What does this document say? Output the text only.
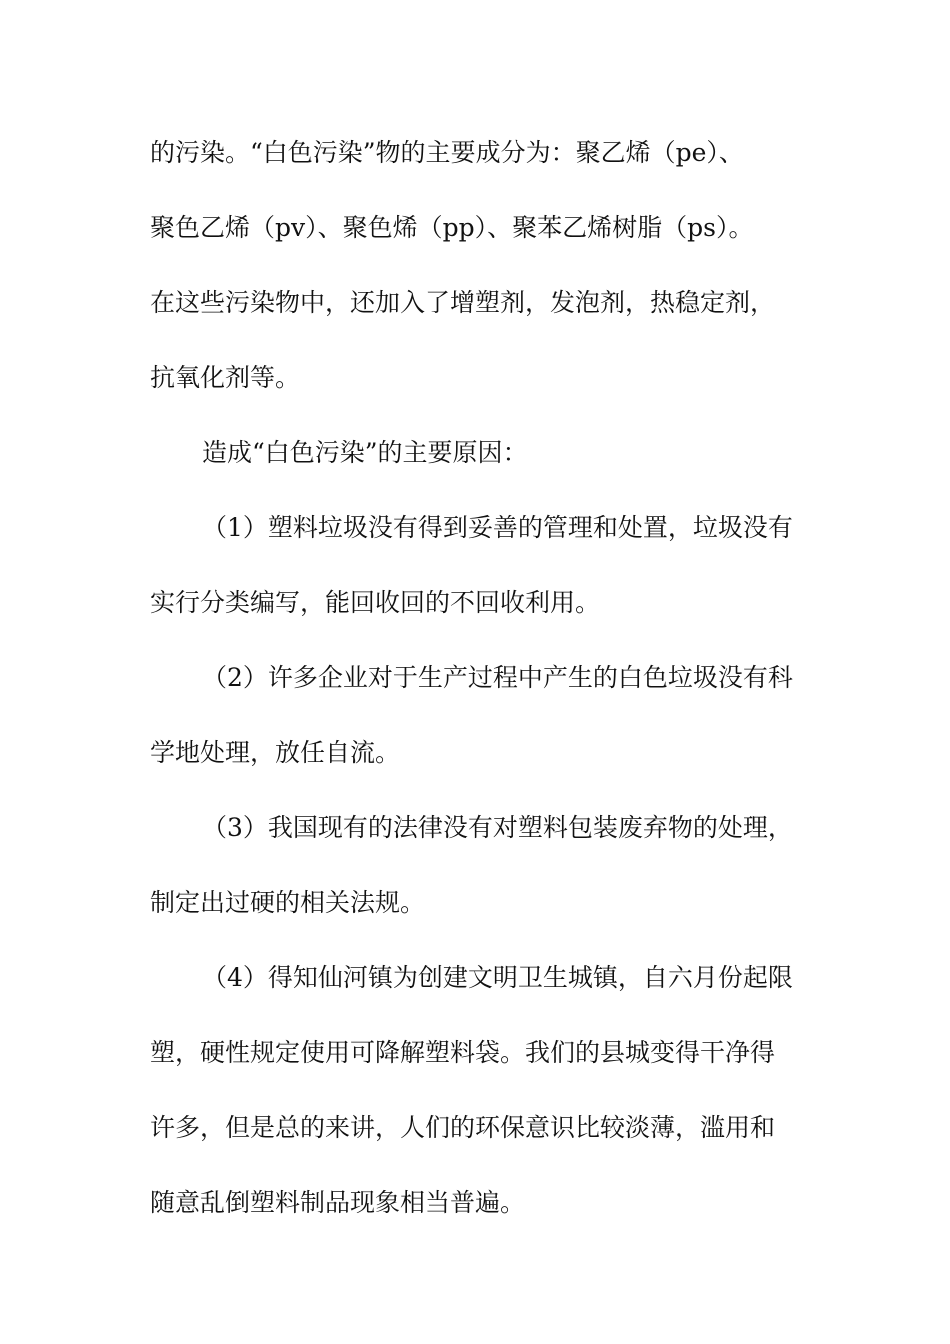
的污染。“白色污染”物的主要成分为：聚乙烯（pe）、
聚色乙烯（pv）、聚色烯（pp）、聚苯乙烯树脂（ps）。
在这些污染物中，还加入了增塑剂，发泡剂，热稳定剂，
抗氧化剂等。
造成“白色污染”的主要原因：
（1）塑料垃圾没有得到妥善的管理和处置，垃圾没有
实行分类编写，能回收回的不回收利用。
（2）许多企业对于生产过程中产生的白色垃圾没有科
学地处理，放任自流。
（3）我国现有的法律没有对塑料包装废弃物的处理，
制定出过硬的相关法规。
（4）得知仙河镇为创建文明卫生城镇，自六月份起限
塑，硬性规定使用可降解塑料袋。我们的县城变得干净得
许多，但是总的来讲，人们的环保意识比较淡薄，滥用和
随意乱倒塑料制品现象相当普遍。
